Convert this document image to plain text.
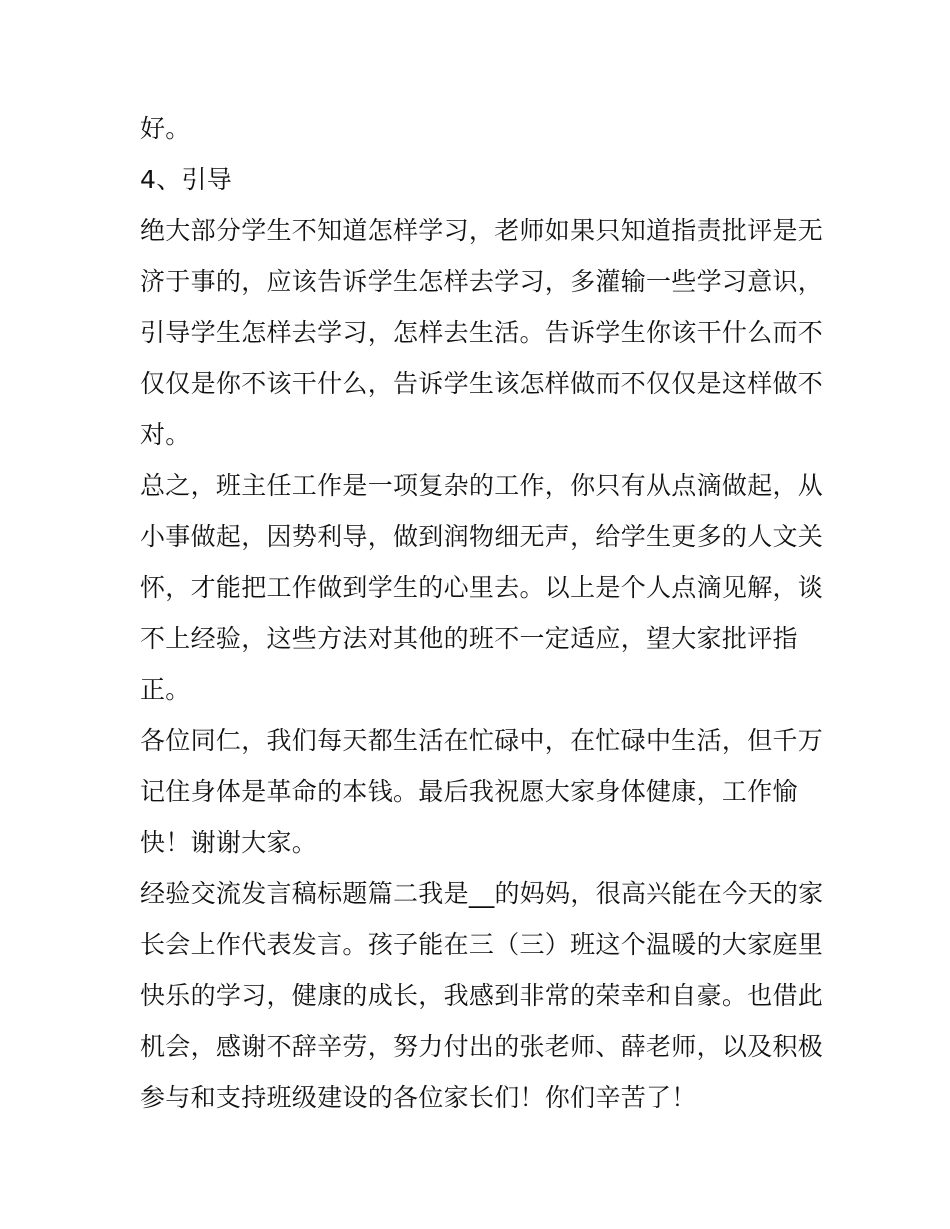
好。
4、引导
绝大部分学生不知道怎样学习，老师如果只知道指责批评是无
济于事的，应该告诉学生怎样去学习，多灌输一些学习意识，
引导学生怎样去学习，怎样去生活。告诉学生你该干什么而不
仅仅是你不该干什么，告诉学生该怎样做而不仅仅是这样做不
对。
总之，班主任工作是一项复杂的工作，你只有从点滴做起，从
小事做起，因势利导，做到润物细无声，给学生更多的人文关
怀，才能把工作做到学生的心里去。以上是个人点滴见解，谈
不上经验，这些方法对其他的班不一定适应，望大家批评指
正。
各位同仁，我们每天都生活在忙碌中，在忙碌中生活，但千万
记住身体是革命的本钱。最后我祝愿大家身体健康，工作愉
快！谢谢大家。
经验交流发言稿标题篇二我是__的妈妈，很高兴能在今天的家
长会上作代表发言。孩子能在三（三）班这个温暖的大家庭里
快乐的学习，健康的成长，我感到非常的荣幸和自豪。也借此
机会，感谢不辞辛劳，努力付出的张老师、薛老师，以及积极
参与和支持班级建设的各位家长们！你们辛苦了！
